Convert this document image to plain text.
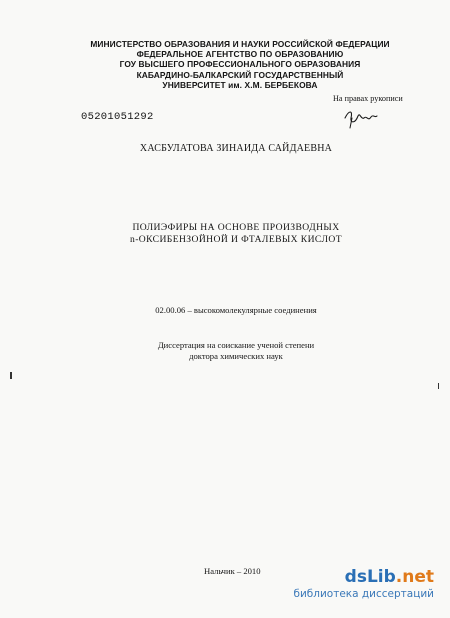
МИНИСТЕРСТВО ОБРАЗОВАНИЯ И НАУКИ РОССИЙСКОЙ ФЕДЕРАЦИИ
ФЕДЕРАЛЬНОЕ АГЕНТСТВО ПО ОБРАЗОВАНИЮ
ГОУ ВЫСШЕГО ПРОФЕССИОНАЛЬНОГО ОБРАЗОВАНИЯ
КАБАРДИНО-БАЛКАРСКИЙ ГОСУДАРСТВЕННЫЙ
УНИВЕРСИТЕТ им. Х.М. БЕРБЕКОВА
На правах рукописи
05201051292
ХАСБУЛАТОВА ЗИНАИДА САЙДАЕВНА
ПОЛИЭФИРЫ НА ОСНОВЕ ПРОИЗВОДНЫХ
n-ОКСИБЕНЗОЙНОЙ И ФТАЛЕВЫХ КИСЛОТ
02.00.06 – высокомолекулярные соединения
Диссертация на соискание ученой степени
доктора химических наук
Нальчик – 2010	dsLib.net
библиотека диссертаций
